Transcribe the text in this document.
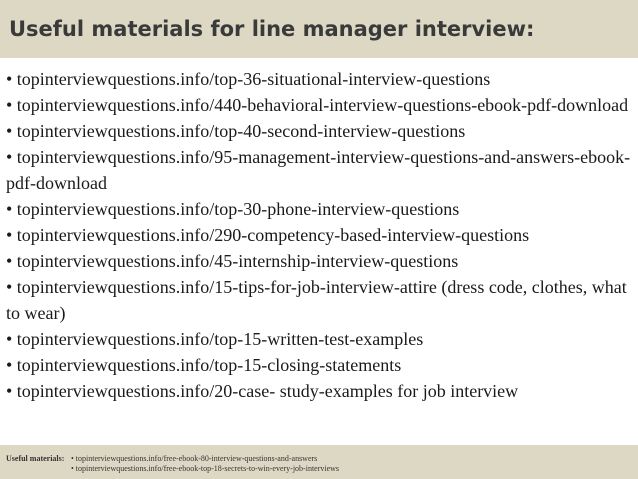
Useful materials for line manager interview:
• topinterviewquestions.info/top-36-situational-interview-questions
• topinterviewquestions.info/440-behavioral-interview-questions-ebook-pdf-download
• topinterviewquestions.info/top-40-second-interview-questions
• topinterviewquestions.info/95-management-interview-questions-and-answers-ebook-pdf-download
• topinterviewquestions.info/top-30-phone-interview-questions
• topinterviewquestions.info/290-competency-based-interview-questions
• topinterviewquestions.info/45-internship-interview-questions
• topinterviewquestions.info/15-tips-for-job-interview-attire (dress code, clothes, what to wear)
• topinterviewquestions.info/top-15-written-test-examples
• topinterviewquestions.info/top-15-closing-statements
• topinterviewquestions.info/20-case- study-examples for job interview
Useful materials: • topinterviewquestions.info/free-ebook-80-interview-questions-and-answers
• topinterviewquestions.info/free-ebook-top-18-secrets-to-win-every-job-interviews
